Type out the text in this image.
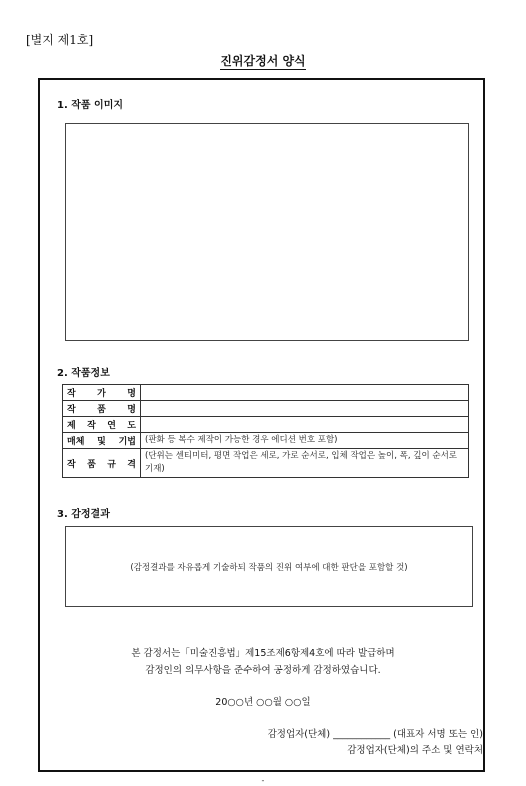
[별지 제1호]
진위감정서 양식
1. 작품 이미지
2. 작품정보
작 가 명	
작 품 명	
제 작 연 도	
매체 및 기법	(판화 등 복수 제작이 가능한 경우 에디션 번호 포함)
작 품 규 격	(단위는 센티미터, 평면 작업은 세로, 가로 순서로, 입체 작업은 높이, 폭, 깊이 순서로 기재)
3. 감정결과
(감정결과를 자유롭게 기술하되 작품의 진위 여부에 대한 판단을 포함할 것)
본 감정서는「미술진흥법」제15조제6항제4호에 따라 발급하며
감정인의 의무사항을 준수하여 공정하게 감정하였습니다.
20○○년 ○○월 ○○일
감정업자(단체) ____________ (대표자 서명 또는 인)
감정업자(단체)의 주소 및 연락처
-
